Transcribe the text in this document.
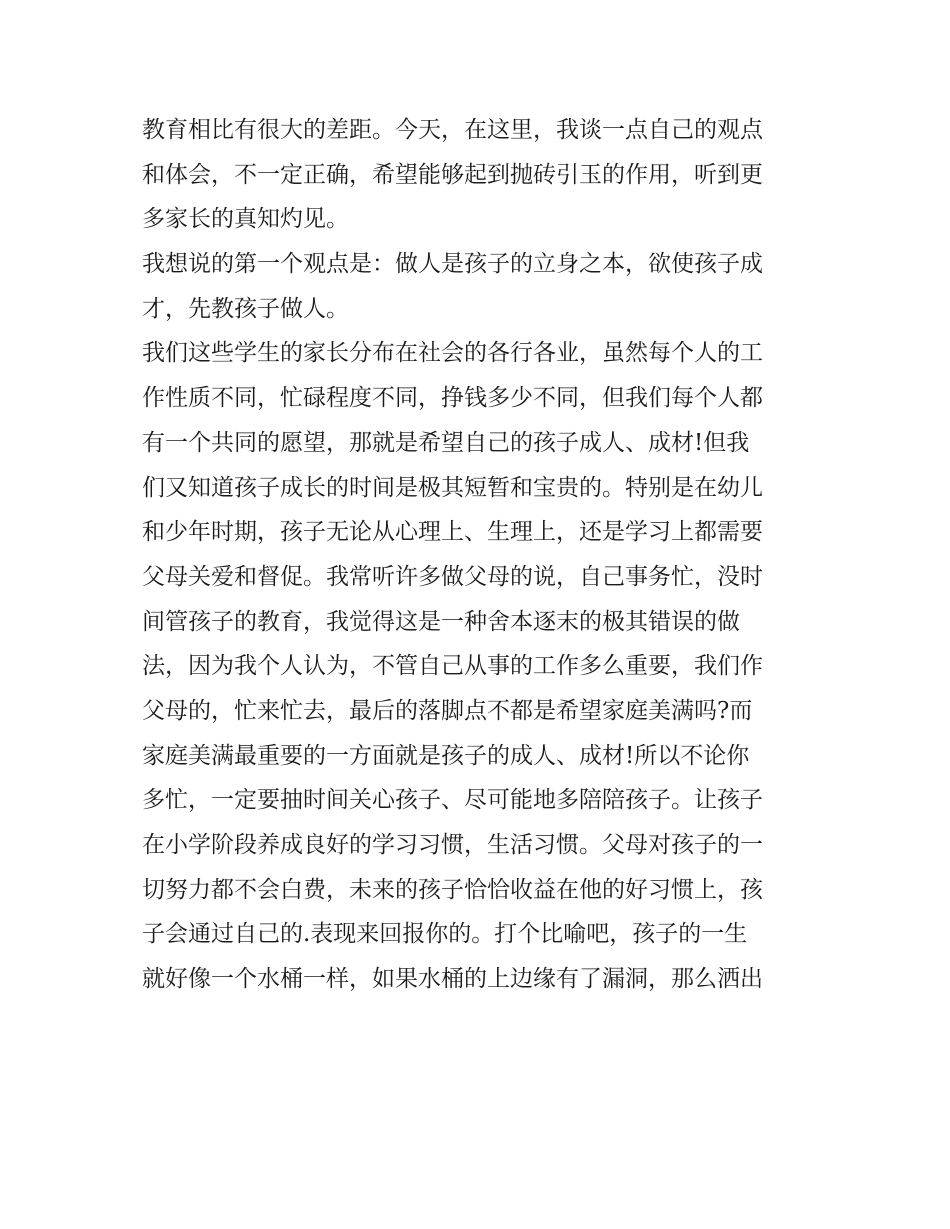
教育相比有很大的差距。今天，在这里，我谈一点自己的观点
和体会，不一定正确，希望能够起到抛砖引玉的作用，听到更
多家长的真知灼见。
我想说的第一个观点是：做人是孩子的立身之本，欲使孩子成
才，先教孩子做人。
我们这些学生的家长分布在社会的各行各业，虽然每个人的工
作性质不同，忙碌程度不同，挣钱多少不同，但我们每个人都
有一个共同的愿望，那就是希望自己的孩子成人、成材!但我
们又知道孩子成长的时间是极其短暂和宝贵的。特别是在幼儿
和少年时期，孩子无论从心理上、生理上，还是学习上都需要
父母关爱和督促。我常听许多做父母的说，自己事务忙，没时
间管孩子的教育，我觉得这是一种舍本逐末的极其错误的做
法，因为我个人认为，不管自己从事的工作多么重要，我们作
父母的，忙来忙去，最后的落脚点不都是希望家庭美满吗?而
家庭美满最重要的一方面就是孩子的成人、成材!所以不论你
多忙，一定要抽时间关心孩子、尽可能地多陪陪孩子。让孩子
在小学阶段养成良好的学习习惯，生活习惯。父母对孩子的一
切努力都不会白费，未来的孩子恰恰收益在他的好习惯上，孩
子会通过自己的.表现来回报你的。打个比喻吧，孩子的一生
就好像一个水桶一样，如果水桶的上边缘有了漏洞，那么洒出
